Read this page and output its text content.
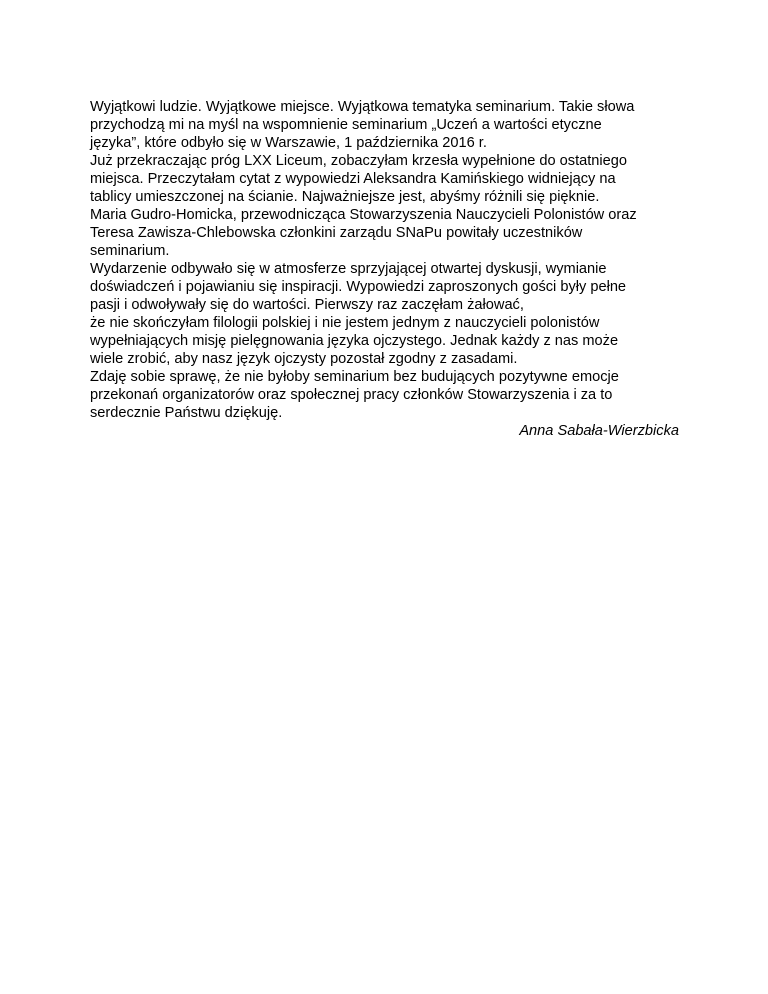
Wyjątkowi ludzie. Wyjątkowe miejsce. Wyjątkowa tematyka seminarium. Takie słowa
przychodzą mi na myśl na wspomnienie seminarium „Uczeń a wartości etyczne
języka”, które odbyło się w Warszawie, 1 października 2016 r.
Już przekraczając próg LXX Liceum, zobaczyłam krzesła wypełnione do ostatniego
miejsca. Przeczytałam cytat z wypowiedzi Aleksandra Kamińskiego widniejący na
tablicy umieszczonej na ścianie. Najważniejsze jest, abyśmy różnili się pięknie.
Maria Gudro-Homicka, przewodnicząca Stowarzyszenia Nauczycieli Polonistów oraz
Teresa Zawisza-Chlebowska członkini zarządu SNaPu powitały uczestników
seminarium.
Wydarzenie odbywało się w atmosferze sprzyjającej otwartej dyskusji, wymianie
doświadczeń i pojawianiu się inspiracji. Wypowiedzi zaproszonych gości były pełne
pasji i odwoływały się do wartości. Pierwszy raz zaczęłam żałować,
że nie skończyłam filologii polskiej i nie jestem jednym z nauczycieli polonistów
wypełniających misję pielęgnowania języka ojczystego. Jednak każdy z nas może
wiele zrobić, aby nasz język ojczysty pozostał zgodny z zasadami.
Zdaję sobie sprawę, że nie byłoby seminarium bez budujących pozytywne emocje
przekonań organizatorów oraz społecznej pracy członków Stowarzyszenia i za to
serdecznie Państwu dziękuję.
Anna Sabała-Wierzbicka
